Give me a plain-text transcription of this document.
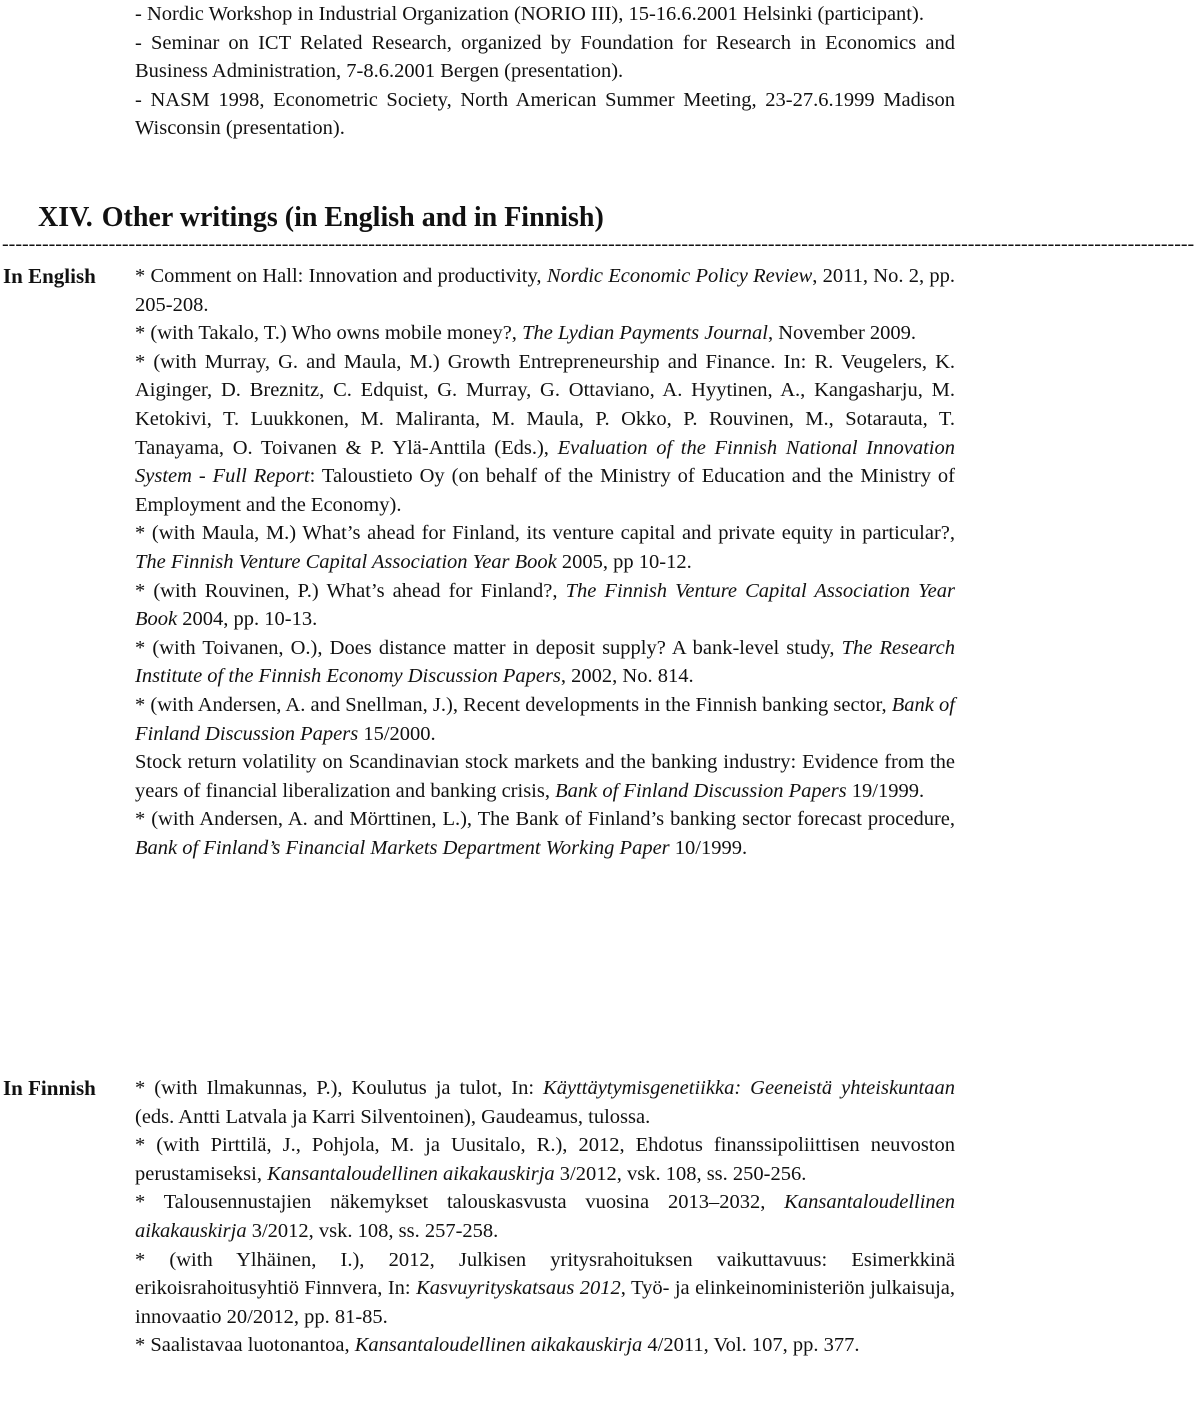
- Nordic Workshop in Industrial Organization (NORIO III), 15-16.6.2001 Helsinki (participant).

- Seminar on ICT Related Research, organized by Foundation for Research in Economics and Business Administration, 7-8.6.2001 Bergen (presentation).

- NASM 1998, Econometric Society, North American Summer Meeting, 23-27.6.1999 Madison Wisconsin (presentation).

XIV. Other writings (in English and in Finnish)
-----------------------------------------------------------------------------------------------------------------------------------------------------------------------------------
In English * Comment on Hall: Innovation and productivity, Nordic Economic Policy Review, 2011, No. 2, pp. 205-208.

* (with Takalo, T.) Who owns mobile money?, The Lydian Payments Journal, November 2009.

* (with Murray, G. and Maula, M.) Growth Entrepreneurship and Finance. In: R. Veugelers, K. Aiginger, D. Breznitz, C. Edquist, G. Murray, G. Ottaviano, A. Hyytinen, A., Kangasharju, M. Ketokivi, T. Luukkonen, M. Maliranta, M. Maula, P. Okko, P. Rouvinen, M., Sotarauta, T. Tanayama, O. Toivanen & P. Ylä-Anttila (Eds.), Evaluation of the Finnish National Innovation System - Full Report: Taloustieto Oy (on behalf of the Ministry of Education and the Ministry of Employment and the Economy).

* (with Maula, M.) What’s ahead for Finland, its venture capital and private equity in particular?, The Finnish Venture Capital Association Year Book 2005, pp 10-12.

* (with Rouvinen, P.) What’s ahead for Finland?, The Finnish Venture Capital Association Year Book 2004, pp. 10-13.

* (with Toivanen, O.), Does distance matter in deposit supply? A bank-level study, The Research Institute of the Finnish Economy Discussion Papers, 2002, No. 814.

* (with Andersen, A. and Snellman, J.), Recent developments in the Finnish banking sector, Bank of Finland Discussion Papers 15/2000.

Stock return volatility on Scandinavian stock markets and the banking industry: Evidence from the years of financial liberalization and banking crisis, Bank of Finland Discussion Papers 19/1999.

* (with Andersen, A. and Mörttinen, L.), The Bank of Finland’s banking sector forecast procedure, Bank of Finland’s Financial Markets Department Working Paper 10/1999.

In Finnish * (with Ilmakunnas, P.), Koulutus ja tulot, In: Käyttäytymisgenetiikka: Geeneistä yhteiskuntaan (eds. Antti Latvala ja Karri Silventoinen), Gaudeamus, tulossa.

* (with Pirttilä, J., Pohjola, M. ja Uusitalo, R.), 2012, Ehdotus finanssipoliittisen neuvoston perustamiseksi, Kansantaloudellinen aikakauskirja 3/2012, vsk. 108, ss. 250-256.

* Talousennustajien näkemykset talouskasvusta vuosina 2013–2032, Kansantaloudellinen aikakauskirja 3/2012, vsk. 108, ss. 257-258.

* (with Ylhäinen, I.), 2012, Julkisen yritysrahoituksen vaikuttavuus: Esimerkkinä erikoisrahoitusyhtiö Finnvera, In: Kasvuyrityskatsaus 2012, Työ- ja elinkeinoministeriön julkaisuja, innovaatio 20/2012, pp. 81-85.

* Saalistavaa luotonantoa, Kansantaloudellinen aikakauskirja 4/2011, Vol. 107, pp. 377.
